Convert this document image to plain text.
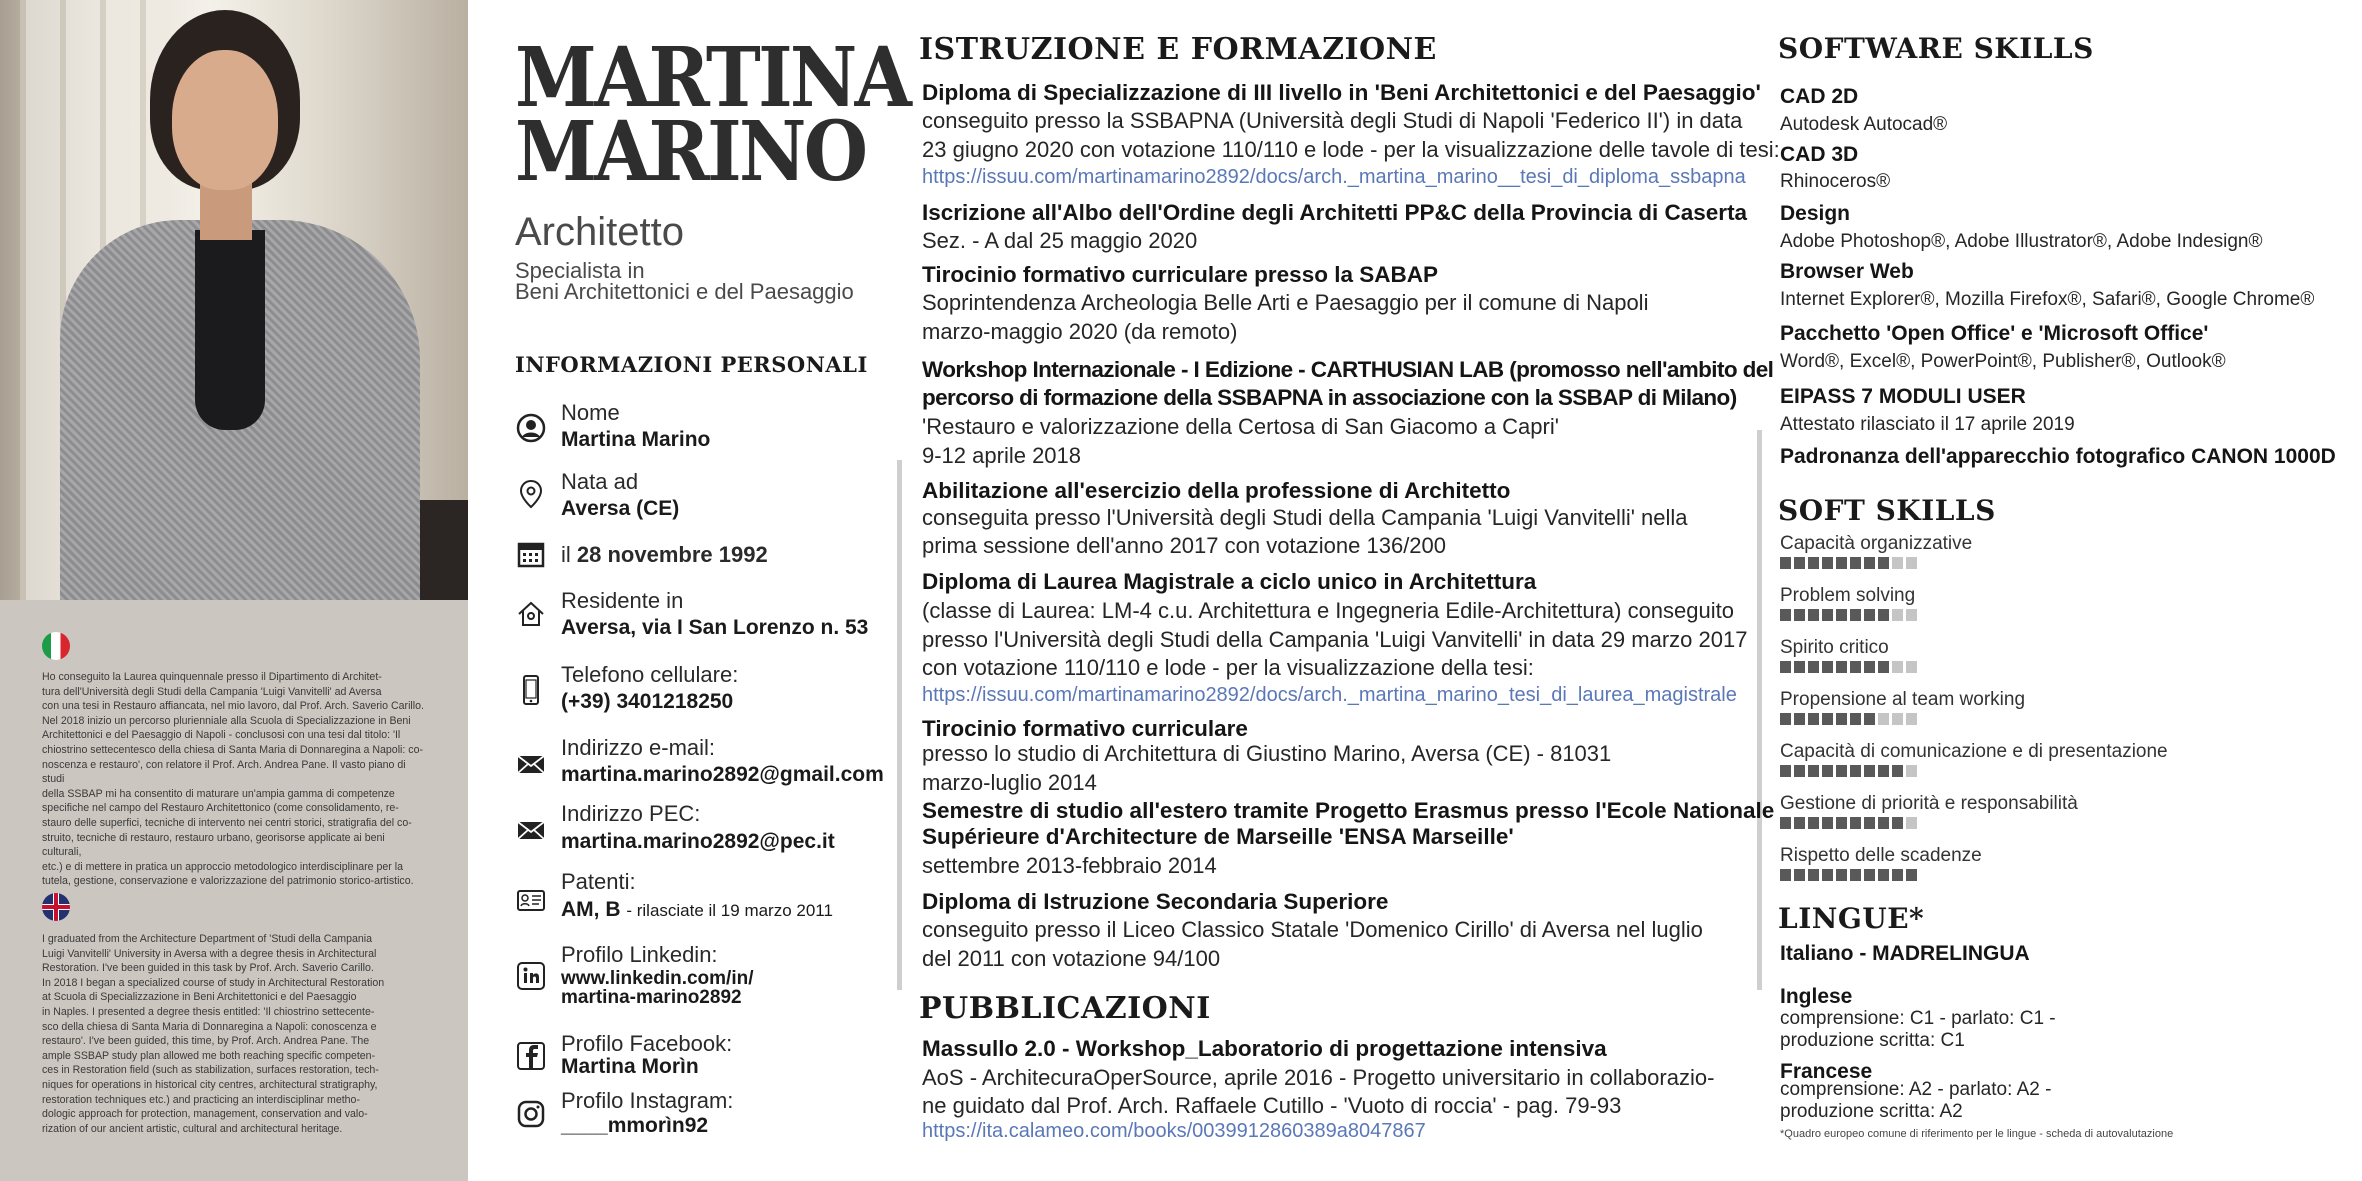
Ho conseguito la Laurea quinquennale presso il Dipartimento di Architet-
tura dell'Università degli Studi della Campania 'Luigi Vanvitelli' ad Aversa
con una tesi in Restauro affiancata, nel mio lavoro, dal Prof. Arch. Saverio Carillo.
Nel 2018 inizio un percorso plurienniale alla Scuola di Specializzazione in Beni
Architettonici e del Paesaggio di Napoli - conclusosi con una tesi dal titolo: 'Il
chiostrino settecentesco della chiesa di Santa Maria di Donnaregina a Napoli: co-
noscenza e restauro', con relatore il Prof. Arch. Andrea Pane. Il vasto piano di studi
della SSBAP mi ha consentito di maturare un'ampia gamma di competenze
specifiche nel campo del Restauro Architettonico (come consolidamento, re-
stauro delle superfici, tecniche di intervento nei centri storici, stratigrafia del co-
struito, tecniche di restauro, restauro urbano, georisorse applicate ai beni culturali,
etc.) e di mettere in pratica un approccio metodologico interdisciplinare per la
tutela, gestione, conservazione e valorizzazione del patrimonio storico-artistico.
I graduated from the Architecture Department of 'Studi della Campania
Luigi Vanvitelli' University in Aversa with a degree thesis in Architectural
Restoration. I've been guided in this task by Prof. Arch. Saverio Carillo.
In 2018 I began a specialized course of study in Architectural Restoration
at Scuola di Specializzazione in Beni Architettonici e del Paesaggio
in Naples. I presented a degree thesis entitled: 'Il chiostrino settecente-
sco della chiesa di Santa Maria di Donnaregina a Napoli: conoscenza e
restauro'. I've been guided, this time, by Prof. Arch. Andrea Pane. The
ample SSBAP study plan allowed me both reaching specific competen-
ces in Restoration field (such as stabilization, surfaces restoration, tech-
niques for operations in historical city centres, architectural stratigraphy,
restoration techniques etc.) and practicing an interdisciplinar metho-
dologic approach for protection, management, conservation and valo-
rization of our ancient artistic, cultural and architectural heritage.
MARTINA
MARINO
Architetto
Specialista in
Beni Architettonici e del Paesaggio
INFORMAZIONI PERSONALI
Nome
Martina Marino
Nata ad
Aversa (CE)
il 28 novembre 1992
Residente in
Aversa, via I San Lorenzo n. 53
Telefono cellulare:
(+39) 3401218250
Indirizzo e-mail:
martina.marino2892@gmail.com
Indirizzo PEC:
martina.marino2892@pec.it
Patenti:
AM, B - rilasciate il 19 marzo 2011
Profilo Linkedin:
www.linkedin.com/in/
martina-marino2892
Profilo Facebook:
Martina Morìn
Profilo Instagram:
____mmorìn92
ISTRUZIONE E FORMAZIONE
Diploma di Specializzazione di III livello in 'Beni Architettonici e del Paesaggio'
conseguito presso la SSBAPNA (Università degli Studi di Napoli 'Federico II') in data
23 giugno 2020 con votazione 110/110 e lode - per la visualizzazione delle tavole di tesi:
https://issuu.com/martinamarino2892/docs/arch._martina_marino__tesi_di_diploma_ssbapna
Iscrizione all'Albo dell'Ordine degli Architetti PP&C della Provincia di Caserta
Sez. - A dal 25 maggio 2020
Tirocinio formativo curriculare presso la SABAP
Soprintendenza Archeologia Belle Arti e Paesaggio per il comune di Napoli
marzo-maggio 2020 (da remoto)
Workshop Internazionale - I Edizione - CARTHUSIAN LAB (promosso nell'ambito del
percorso di formazione della SSBAPNA in associazione con la SSBAP di Milano)
'Restauro e valorizzazione della Certosa di San Giacomo a Capri'
9-12 aprile 2018
Abilitazione all'esercizio della professione di Architetto
conseguita presso l'Università degli Studi della Campania 'Luigi Vanvitelli' nella
prima sessione dell'anno 2017 con votazione 136/200
Diploma di Laurea Magistrale a ciclo unico in Architettura
(classe di Laurea: LM-4 c.u. Architettura e Ingegneria Edile-Architettura) conseguito
presso l'Università degli Studi della Campania 'Luigi Vanvitelli' in data 29 marzo 2017
con votazione 110/110 e lode - per la visualizzazione della tesi:
https://issuu.com/martinamarino2892/docs/arch._martina_marino_tesi_di_laurea_magistrale
Tirocinio formativo curriculare
presso lo studio di Architettura di Giustino Marino, Aversa (CE) - 81031
marzo-luglio 2014
Semestre di studio all'estero tramite Progetto Erasmus presso l'Ecole Nationale
Supérieure d'Architecture de Marseille 'ENSA Marseille'
settembre 2013-febbraio 2014
Diploma di Istruzione Secondaria Superiore
conseguito presso il Liceo Classico Statale 'Domenico Cirillo' di Aversa nel luglio
del 2011 con votazione 94/100
PUBBLICAZIONI
Massullo 2.0 - Workshop_Laboratorio di progettazione intensiva
AoS - ArchitecuraOperSource, aprile 2016 - Progetto universitario in collaborazio-
ne guidato dal Prof. Arch. Raffaele Cutillo - 'Vuoto di roccia' - pag. 79-93
https://ita.calameo.com/books/0039912860389a8047867
SOFTWARE SKILLS
CAD 2D
Autodesk Autocad®
CAD 3D
Rhinoceros®
Design
Adobe Photoshop®, Adobe Illustrator®, Adobe Indesign®
Browser Web
Internet Explorer®, Mozilla Firefox®, Safari®, Google Chrome®
Pacchetto 'Open Office' e 'Microsoft Office'
Word®, Excel®, PowerPoint®, Publisher®, Outlook®
EIPASS 7 MODULI USER
Attestato rilasciato il 17 aprile 2019
Padronanza dell'apparecchio fotografico CANON 1000D
SOFT SKILLS
Capacità organizzative
Problem solving
Spirito critico
Propensione al team working
Capacità di comunicazione e di presentazione
Gestione di priorità e responsabilità
Rispetto delle scadenze
LINGUE*
Italiano - MADRELINGUA
Inglese
comprensione: C1 - parlato: C1 -
produzione scritta: C1
Francese
comprensione: A2 - parlato: A2 -
produzione scritta: A2
*Quadro europeo comune di riferimento per le lingue - scheda di autovalutazione
